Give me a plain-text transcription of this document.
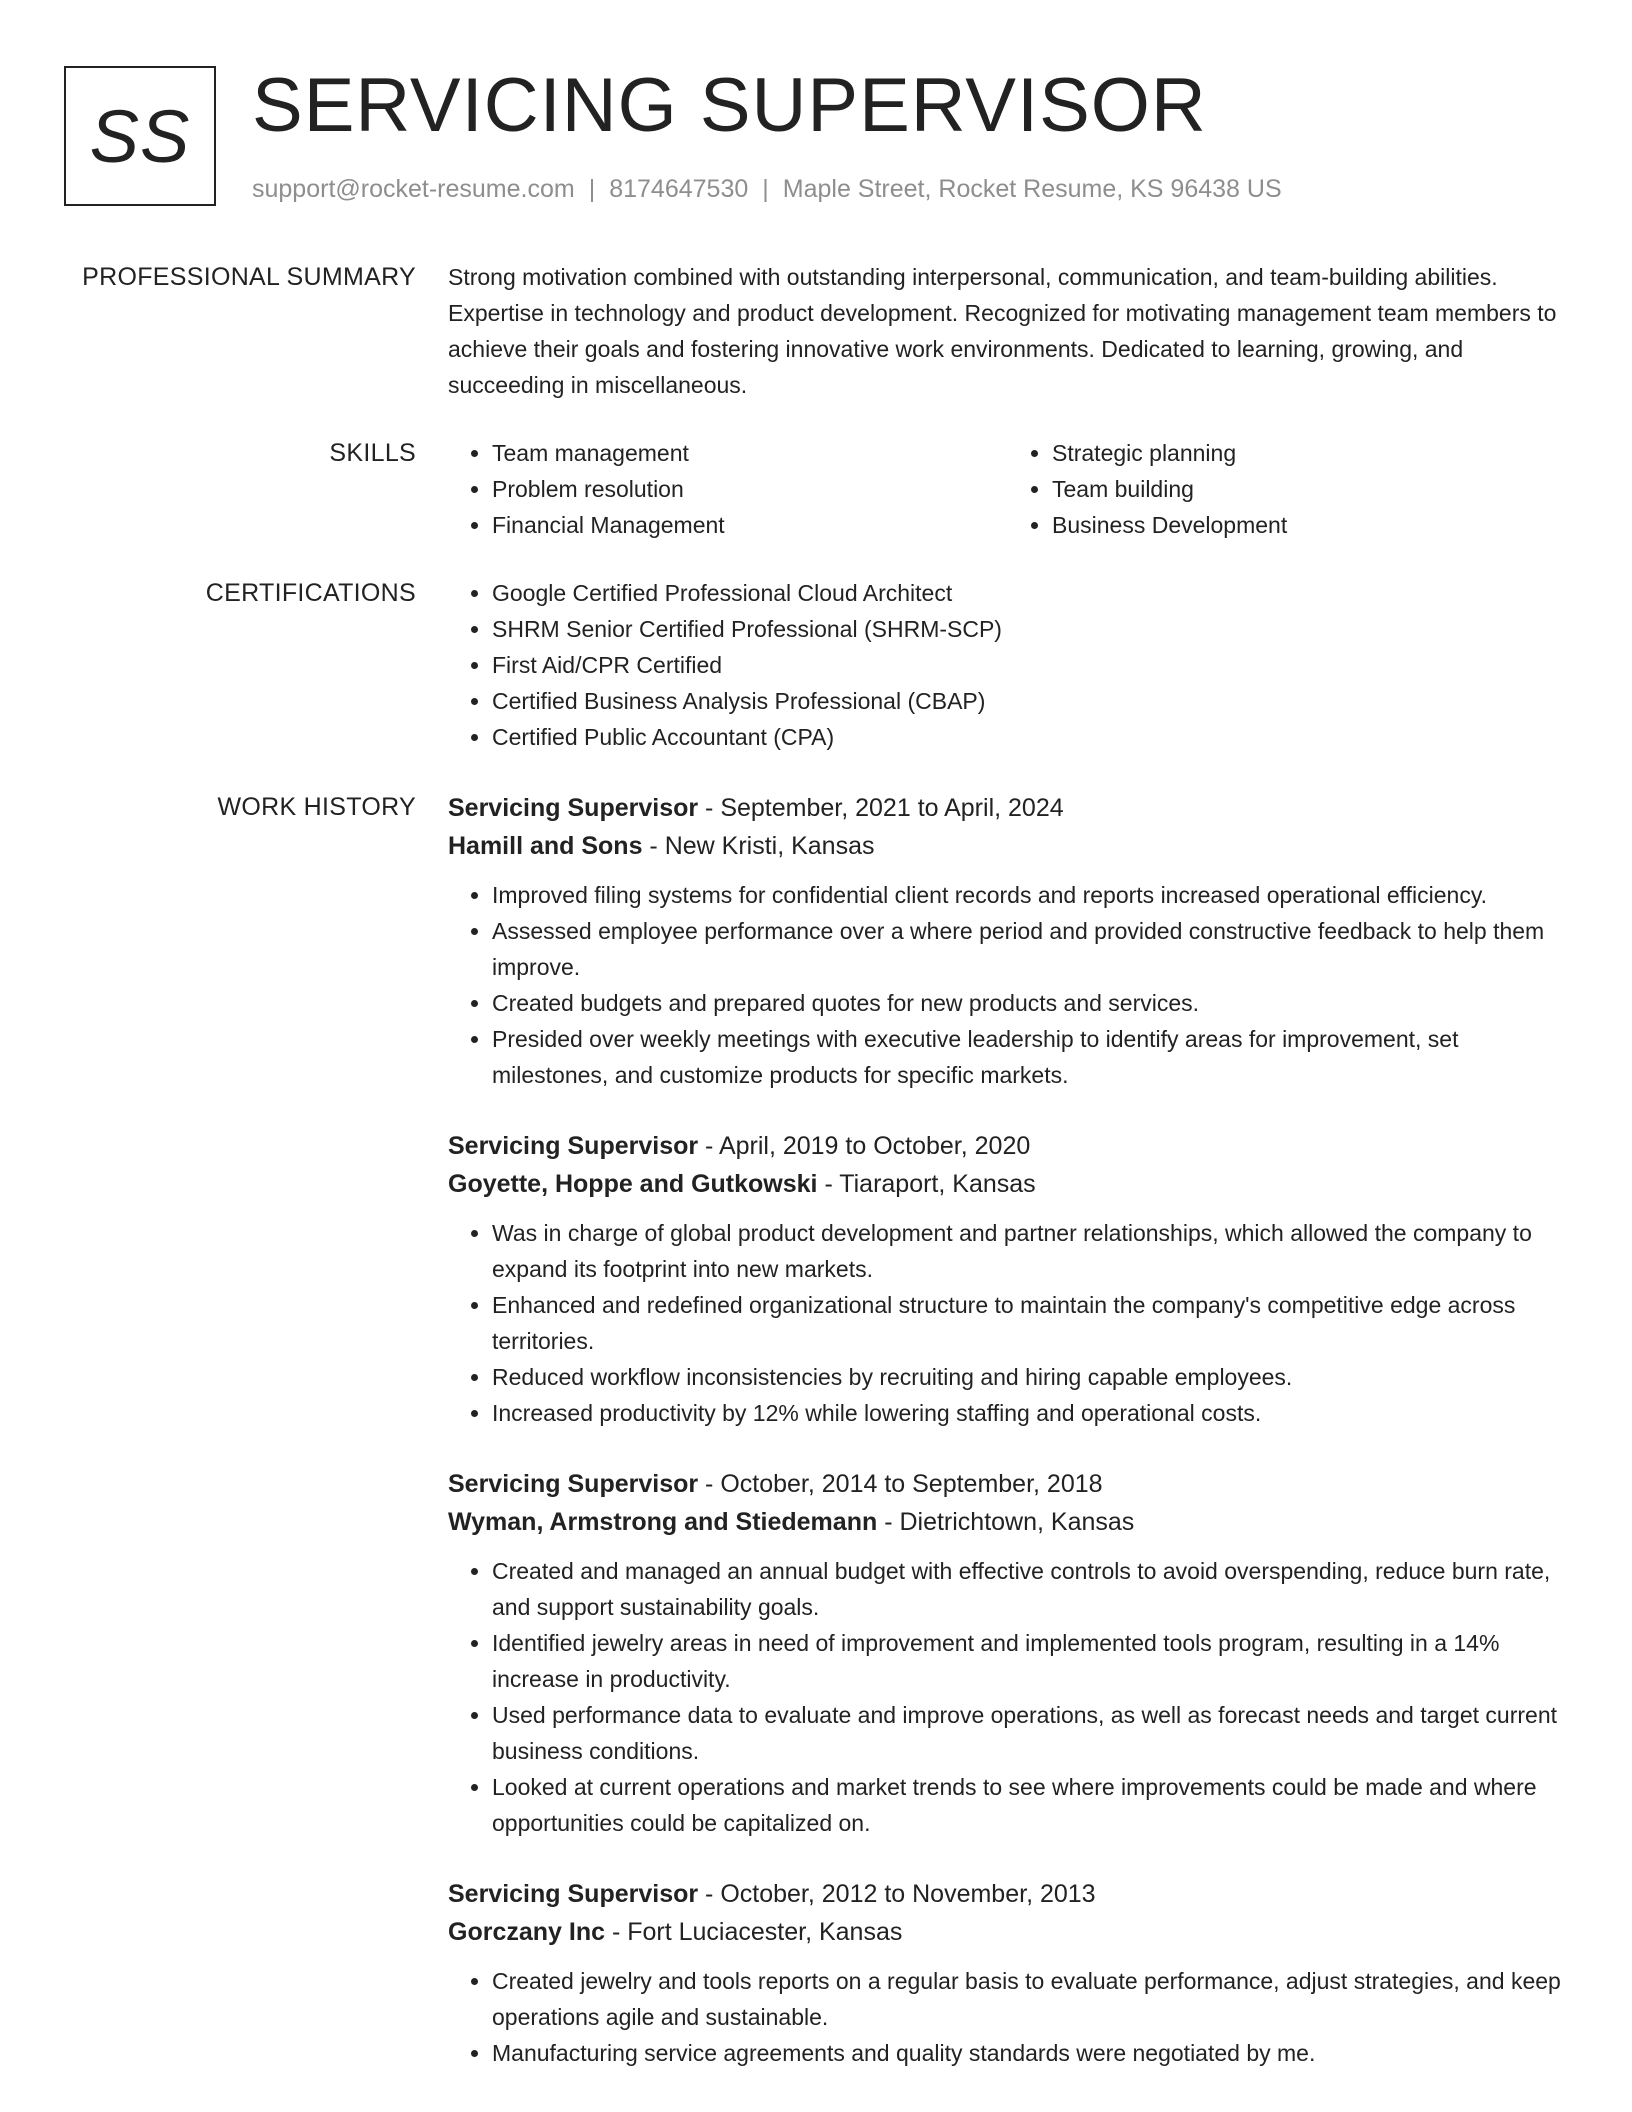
SS SERVICING SUPERVISOR
support@rocket-resume.com | 8174647530 | Maple Street, Rocket Resume, KS 96438 US
PROFESSIONAL SUMMARY Strong motivation combined with outstanding interpersonal, communication, and team-building abilities. Expertise in technology and product development. Recognized for motivating management team members to achieve their goals and fostering innovative work environments. Dedicated to learning, growing, and succeeding in miscellaneous.

SKILLS	• Team management
• Problem resolution
• Financial Management
• Strategic planning
• Team building
• Business Development
CERTIFICATIONS	• Google Certified Professional Cloud Architect
• SHRM Senior Certified Professional (SHRM-SCP)
• First Aid/CPR Certified
• Certified Business Analysis Professional (CBAP)
• Certified Public Accountant (CPA)
WORK HISTORY Servicing Supervisor - September, 2021 to April, 2024
Hamill and Sons - New Kristi, Kansas
• Improved filing systems for confidential client records and reports increased operational efficiency.
• Assessed employee performance over a where period and provided constructive feedback to help them improve.
• Created budgets and prepared quotes for new products and services.
• Presided over weekly meetings with executive leadership to identify areas for improvement, set milestones, and customize products for specific markets.
Servicing Supervisor - April, 2019 to October, 2020
Goyette, Hoppe and Gutkowski - Tiaraport, Kansas
• Was in charge of global product development and partner relationships, which allowed the company to expand its footprint into new markets.
• Enhanced and redefined organizational structure to maintain the company's competitive edge across territories.
• Reduced workflow inconsistencies by recruiting and hiring capable employees.
• Increased productivity by 12% while lowering staffing and operational costs.
Servicing Supervisor - October, 2014 to September, 2018
Wyman, Armstrong and Stiedemann - Dietrichtown, Kansas
• Created and managed an annual budget with effective controls to avoid overspending, reduce burn rate, and support sustainability goals.
• Identified jewelry areas in need of improvement and implemented tools program, resulting in a 14% increase in productivity.
• Used performance data to evaluate and improve operations, as well as forecast needs and target current business conditions.
• Looked at current operations and market trends to see where improvements could be made and where opportunities could be capitalized on.
Servicing Supervisor - October, 2012 to November, 2013
Gorczany Inc - Fort Luciacester, Kansas
• Created jewelry and tools reports on a regular basis to evaluate performance, adjust strategies, and keep operations agile and sustainable.
• Manufacturing service agreements and quality standards were negotiated by me.
